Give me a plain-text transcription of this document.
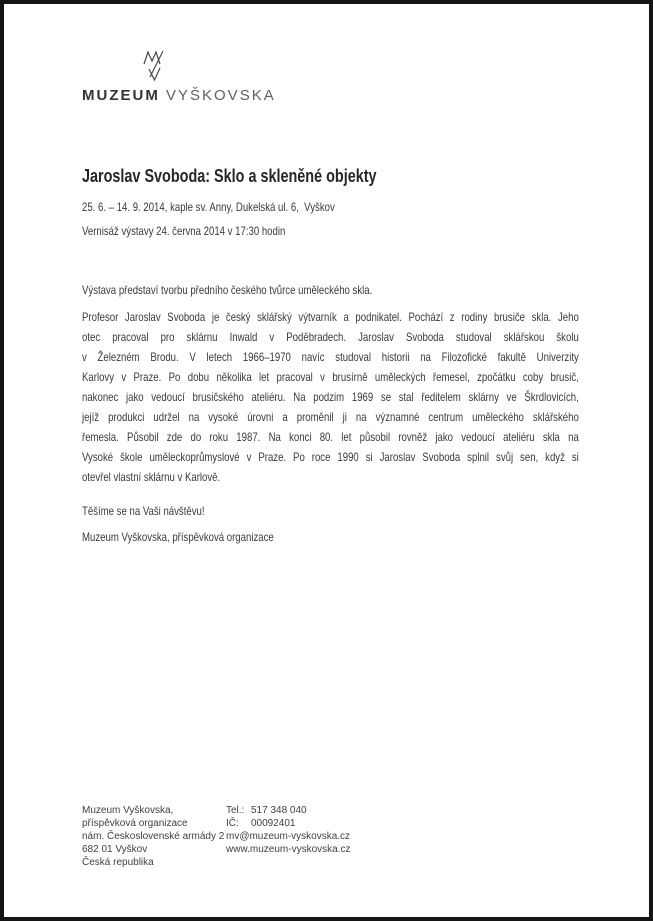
MUZEUM VYŠKOVSKA
Jaroslav Svoboda: Sklo a skleněné objekty
25. 6. – 14. 9. 2014, kaple sv. Anny, Dukelská ul. 6,  Vyškov
Vernisáž výstavy 24. června 2014 v 17:30 hodin
Výstava představí tvorbu předního českého tvůrce uměleckého skla.
Profesor Jaroslav Svoboda je český sklářský výtvarník a podnikatel. Pochází z rodiny brusiče skla. Jeho
otec pracoval pro sklárnu Inwald v Poděbradech. Jaroslav Svoboda studoval sklářskou školu
v Železném Brodu. V letech 1966–1970 navíc studoval historii na Filozofické fakultě Univerzity
Karlovy v Praze. Po dobu několika let pracoval v brusírně uměleckých řemesel, zpočátku coby brusič,
nakonec jako vedoucí brusičského ateliéru. Na podzim 1969 se stal ředitelem sklárny ve Škrdlovicích,
jejíž produkci udržel na vysoké úrovni a proměnil ji na významné centrum uměleckého sklářského
řemesla. Působil zde do roku 1987. Na konci 80. let působil rovněž jako vedoucí ateliéru skla na
Vysoké škole uměleckoprůmyslové v Praze. Po roce 1990 si Jaroslav Svoboda splnil svůj sen, když si
otevřel vlastní sklárnu v Karlově.
Těšíme se na Vaši návštěvu!
Muzeum Vyškovska, příspěvková organizace
Muzeum Vyškovska,
příspěvková organizace
nám. Československé armády 2
682 01 Vyškov
Česká republika
Tel.: 517 348 040
IČ: 00092401
mv@muzeum-vyskovska.cz
www.muzeum-vyskovska.cz
